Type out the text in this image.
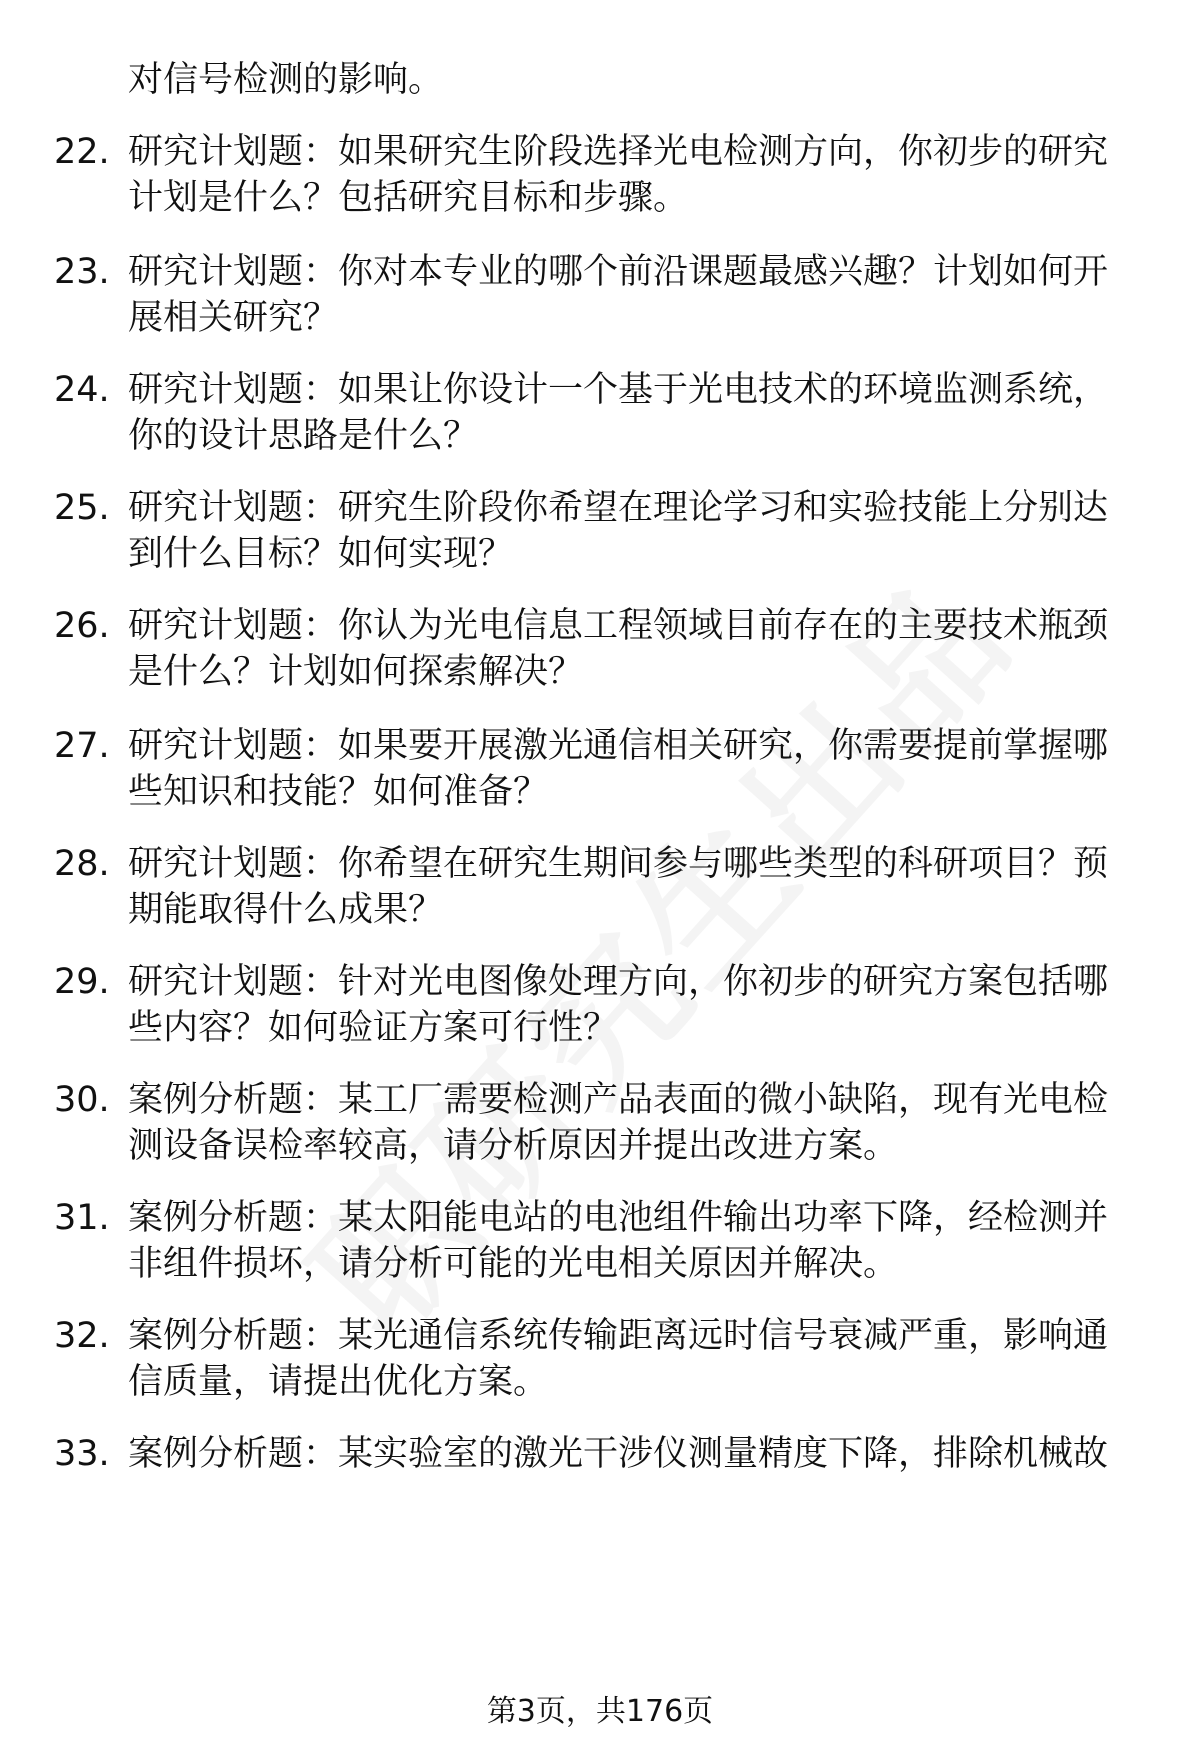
对信号检测的影响。
22. 研究计划题：如果研究生阶段选择光电检测方向，你初步的研究
计划是什么？包括研究目标和步骤。
23. 研究计划题：你对本专业的哪个前沿课题最感兴趣？计划如何开
展相关研究？
24. 研究计划题：如果让你设计一个基于光电技术的环境监测系统，
你的设计思路是什么？
25. 研究计划题：研究生阶段你希望在理论学习和实验技能上分别达
到什么目标？如何实现？
26. 研究计划题：你认为光电信息工程领域目前存在的主要技术瓶颈
是什么？计划如何探索解决？
27. 研究计划题：如果要开展激光通信相关研究，你需要提前掌握哪
些知识和技能？如何准备？
28. 研究计划题：你希望在研究生期间参与哪些类型的科研项目？预
期能取得什么成果？
29. 研究计划题：针对光电图像处理方向，你初步的研究方案包括哪
些内容？如何验证方案可行性？
30. 案例分析题：某工厂需要检测产品表面的微小缺陷，现有光电检
测设备误检率较高，请分析原因并提出改进方案。
31. 案例分析题：某太阳能电站的电池组件输出功率下降，经检测并
非组件损坏，请分析可能的光电相关原因并解决。
32. 案例分析题：某光通信系统传输距离远时信号衰减严重，影响通
信质量，请提出优化方案。
33. 案例分析题：某实验室的激光干涉仪测量精度下降，排除机械故
第3页，共176页
